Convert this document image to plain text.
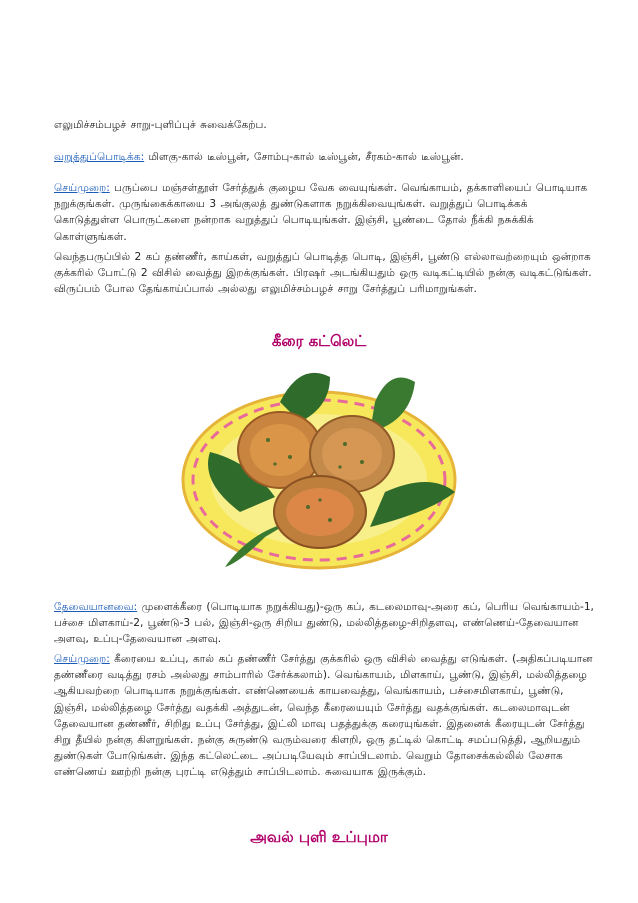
எலுமிச்சம்பழச் சாறு-புளிப்புச் சுவைக்கேற்ப.

வறுத்துப்பொடிக்க: மிளகு-கால் டீஸ்பூன், சோம்பு-கால் டீஸ்பூன், சீரகம்-கால் டீஸ்பூன்.

செய்முறை: பருப்பை மஞ்சள்தூள் சேர்த்துக் குழைய வேக வையுங்கள். வெங்காயம், தக்காளியைப் பொடியாக நறுக்குங்கள். முருங்கைக்காயை 3 அங்குலத் துண்டுகளாக நறுக்கிவையுங்கள். வறுத்துப் பொடிக்கக் கொடுத்துள்ள பொருட்களை நன்றாக வறுத்துப் பொடியுங்கள். இஞ்சி, பூண்டை தோல் நீக்கி நசுக்கிக் கொள்ளுங்கள்.

வெந்தபருப்பில் 2 கப் தண்ணீர், காய்கள், வறுத்துப் பொடித்த பொடி, இஞ்சி, பூண்டு எல்லாவற்றையும் ஒன்றாக குக்கரில் போட்டு 2 விசில் வைத்து இறக்குங்கள். பிரஷர் அடங்கியதும் ஒரு வடிகட்டியில் நன்கு வடிகட்டுங்கள். விருப்பம் போல தேங்காய்ப்பால் அல்லது எலுமிச்சம்பழச் சாறு சேர்த்துப் பரிமாறுங்கள்.

கீரை கட்லெட்

தேவையானவை: முளைக்கீரை (பொடியாக நறுக்கியது)-ஒரு கப், கடலைமாவு-அரை கப், பெரிய வெங்காயம்-1, பச்சை மிளகாய்-2, பூண்டு-3 பல், இஞ்சி-ஒரு சிறிய துண்டு, மல்லித்தழை-சிறிதளவு, எண்ணெய்-தேவையான அளவு, உப்பு-தேவையான அளவு.

செய்முறை: கீரையை உப்பு, கால் கப் தண்ணீர் சேர்த்து குக்கரில் ஒரு விசில் வைத்து எடுங்கள். (அதிகப்படியான தண்ணீரை வடித்து ரசம் அல்லது சாம்பாரில் சேர்க்கலாம்). வெங்காயம், மிளகாய், பூண்டு, இஞ்சி, மல்லித்தழை ஆகியவற்றை பொடியாக நறுக்குங்கள். எண்ணெயைக் காயவைத்து, வெங்காயம், பச்சைமிளகாய், பூண்டு, இஞ்சி, மல்லித்தழை சேர்த்து வதக்கி அத்துடன், வெந்த கீரையையும் சேர்த்து வதக்குங்கள். கடலைமாவுடன் தேவையான தண்ணீர், சிறிது உப்பு சேர்த்து, இட்லி மாவு பதத்துக்கு கரையுங்கள். இதனைக் கீரையுடன் சேர்த்து சிறு தீயில் நன்கு கிளறுங்கள். நன்கு சுருண்டு வரும்வரை கிளறி, ஒரு தட்டில் கொட்டி சமப்படுத்தி, ஆறியதும் துண்டுகள் போடுங்கள். இந்த கட்லெட்டை அப்படியேவும் சாப்பிடலாம். வெறும் தோசைக்கல்லில் லேசாக எண்ணெய் ஊற்றி நன்கு புரட்டி எடுத்தும் சாப்பிடலாம். சுவையாக இருக்கும்.

அவல் புளி உப்புமா
